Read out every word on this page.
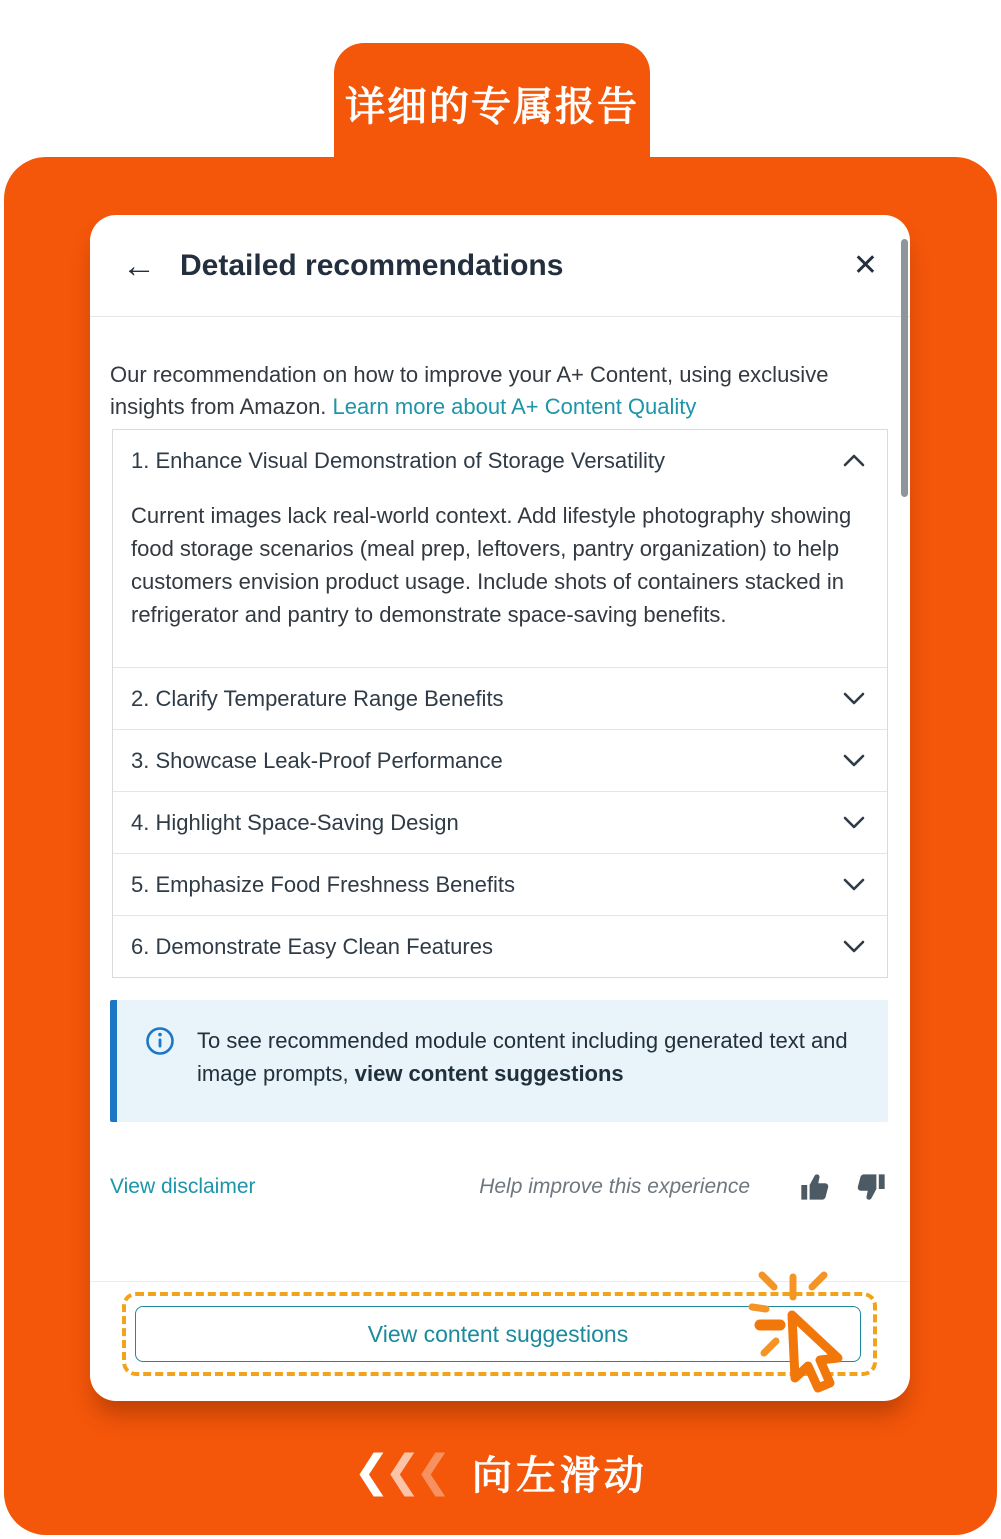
详细的专属报告
← Detailed recommendations	✕

Our recommendation on how to improve your A+ Content, using exclusive insights from Amazon. Learn more about A+ Content Quality

1. Enhance Visual Demonstration of Storage Versatility
Current images lack real-world context. Add lifestyle photography showing food storage scenarios (meal prep, leftovers, pantry organization) to help customers envision product usage. Include shots of containers stacked in refrigerator and pantry to demonstrate space-saving benefits.
2. Clarify Temperature Range Benefits
3. Showcase Leak-Proof Performance
4. Highlight Space-Saving Design
5. Emphasize Food Freshness Benefits
6. Demonstrate Easy Clean Features
To see recommended module content including generated text and image prompts, view content suggestions
View disclaimer	Help improve this experience
View content suggestions
❮
❮
❮ 向左滑动
